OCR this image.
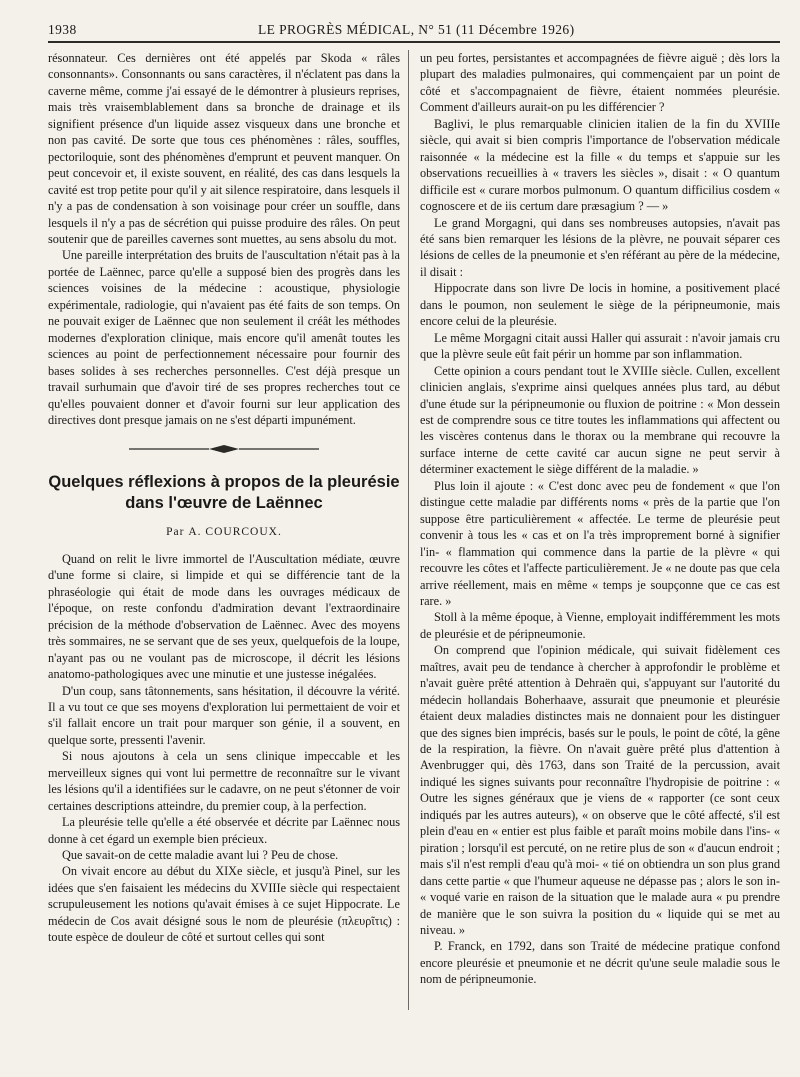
1938	LE PROGRÈS MÉDICAL, N° 51 (11 Décembre 1926)

résonnateur. Ces dernières ont été appelés par Skoda « râles consonnants». Consonnants ou sans caractères, il n'éclatent pas dans la caverne même, comme j'ai essayé de le démontrer à plusieurs reprises, mais très vraisemblablement dans sa bronche de drainage et ils signifient présence d'un liquide assez visqueux dans une bronche et non pas cavité. De sorte que tous ces phénomènes : râles, souffles, pectoriloquie, sont des phénomènes d'emprunt et peuvent manquer. On peut concevoir et, il existe souvent, en réalité, des cas dans lesquels la cavité est trop petite pour qu'il y ait silence respiratoire, dans lesquels il n'y a pas de condensation à son voisinage pour créer un souffle, dans lesquels il n'y a pas de sécrétion qui puisse produire des râles. On peut soutenir que de pareilles cavernes sont muettes, au sens absolu du mot.

Une pareille interprétation des bruits de l'auscultation n'était pas à la portée de Laënnec, parce qu'elle a supposé bien des progrès dans les sciences voisines de la médecine : acoustique, physiologie expérimentale, radiologie, qui n'avaient pas été faits de son temps. On ne pouvait exiger de Laënnec que non seulement il créât les méthodes modernes d'exploration clinique, mais encore qu'il amenât toutes les sciences au point de perfectionnement nécessaire pour fournir des bases solides à ses recherches personnelles. C'est déjà presque un travail surhumain que d'avoir tiré de ses propres recherches tout ce qu'elles pouvaient donner et d'avoir fourni sur leur application des directives dont presque jamais on ne s'est départi impunément.

Quelques réflexions à propos de la pleurésie dans l'œuvre de Laënnec
Par A. COURCOUX.

Quand on relit le livre immortel de l'Auscultation médiate, œuvre d'une forme si claire, si limpide et qui se différencie tant de la phraséologie qui était de mode dans les ouvrages médicaux de l'époque, on reste confondu d'admiration devant l'extraordinaire précision de la méthode d'observation de Laënnec. Avec des moyens très sommaires, ne se servant que de ses yeux, quelquefois de la loupe, n'ayant pas ou ne voulant pas de microscope, il décrit les lésions anatomo-pathologiques avec une minutie et une justesse inégalées.

D'un coup, sans tâtonnements, sans hésitation, il découvre la vérité. Il a vu tout ce que ses moyens d'exploration lui permettaient de voir et s'il fallait encore un trait pour marquer son génie, il a souvent, en quelque sorte, pressenti l'avenir.

Si nous ajoutons à cela un sens clinique impeccable et les merveilleux signes qui vont lui permettre de reconnaître sur le vivant les lésions qu'il a identifiées sur le cadavre, on ne peut s'étonner de voir certaines descriptions atteindre, du premier coup, à la perfection.

La pleurésie telle qu'elle a été observée et décrite par Laënnec nous donne à cet égard un exemple bien précieux.

Que savait-on de cette maladie avant lui ? Peu de chose.

On vivait encore au début du XIXe siècle, et jusqu'à Pinel, sur les idées que s'en faisaient les médecins du XVIIIe siècle qui respectaient scrupuleusement les notions qu'avait émises à ce sujet Hippocrate. Le médecin de Cos avait désigné sous le nom de pleurésie (πλευρῖτις) : toute espèce de douleur de côté et surtout celles qui sont

un peu fortes, persistantes et accompagnées de fièvre aiguë ; dès lors la plupart des maladies pulmonaires, qui commençaient par un point de côté et s'accompagnaient de fièvre, étaient nommées pleurésie. Comment d'ailleurs aurait-on pu les différencier ?

Baglivi, le plus remarquable clinicien italien de la fin du XVIIIe siècle, qui avait si bien compris l'importance de l'observation médicale raisonnée « la médecine est la fille « du temps et s'appuie sur les observations recueillies à « travers les siècles », disait : « O quantum difficile est « curare morbos pulmonum. O quantum difficilius cosdem « cognoscere et de iis certum dare præsagium ? — »

Le grand Morgagni, qui dans ses nombreuses autopsies, n'avait pas été sans bien remarquer les lésions de la plèvre, ne pouvait séparer ces lésions de celles de la pneumonie et s'en référant au père de la médecine, il disait :

Hippocrate dans son livre De locis in homine, a positivement placé dans le poumon, non seulement le siège de la péripneumonie, mais encore celui de la pleurésie.

Le même Morgagni citait aussi Haller qui assurait : n'avoir jamais cru que la plèvre seule eût fait périr un homme par son inflammation.

Cette opinion a cours pendant tout le XVIIIe siècle. Cullen, excellent clinicien anglais, s'exprime ainsi quelques années plus tard, au début d'une étude sur la péripneumonie ou fluxion de poitrine : « Mon dessein est de comprendre sous ce titre toutes les inflammations qui affectent ou les viscères contenus dans le thorax ou la membrane qui recouvre la surface interne de cette cavité car aucun signe ne peut servir à déterminer exactement le siège différent de la maladie. »

Plus loin il ajoute : « C'est donc avec peu de fondement « que l'on distingue cette maladie par différents noms « près de la partie que l'on suppose être particulièrement « affectée. Le terme de pleurésie peut convenir à tous les « cas et on l'a très improprement borné à signifier l'in- « flammation qui commence dans la partie de la plèvre « qui recouvre les côtes et l'affecte particulièrement. Je « ne doute pas que cela arrive réellement, mais en même « temps je soupçonne que ce cas est rare. »

Stoll à la même époque, à Vienne, employait indifféremment les mots de pleurésie et de péripneumonie.

On comprend que l'opinion médicale, qui suivait fidèlement ces maîtres, avait peu de tendance à chercher à approfondir le problème et n'avait guère prêté attention à Dehraën qui, s'appuyant sur l'autorité du médecin hollandais Boherhaave, assurait que pneumonie et pleurésie étaient deux maladies distinctes mais ne donnaient pour les distinguer que des signes bien imprécis, basés sur le pouls, le point de côté, la gêne de la respiration, la fièvre. On n'avait guère prêté plus d'attention à Avenbrugger qui, dès 1763, dans son Traité de la percussion, avait indiqué les signes suivants pour reconnaître l'hydropisie de poitrine : « Outre les signes généraux que je viens de « rapporter (ce sont ceux indiqués par les autres auteurs), « on observe que le côté affecté, s'il est plein d'eau en « entier est plus faible et paraît moins mobile dans l'ins- « piration ; lorsqu'il est percuté, on ne retire plus de son « d'aucun endroit ; mais s'il n'est rempli d'eau qu'à moi- « tié on obtiendra un son plus grand dans cette partie « que l'humeur aqueuse ne dépasse pas ; alors le son in- « voqué varie en raison de la situation que le malade aura « pu prendre de manière que le son suivra la position du « liquide qui se met au niveau. »

P. Franck, en 1792, dans son Traité de médecine pratique confond encore pleurésie et pneumonie et ne décrit qu'une seule maladie sous le nom de péripneumonie.
